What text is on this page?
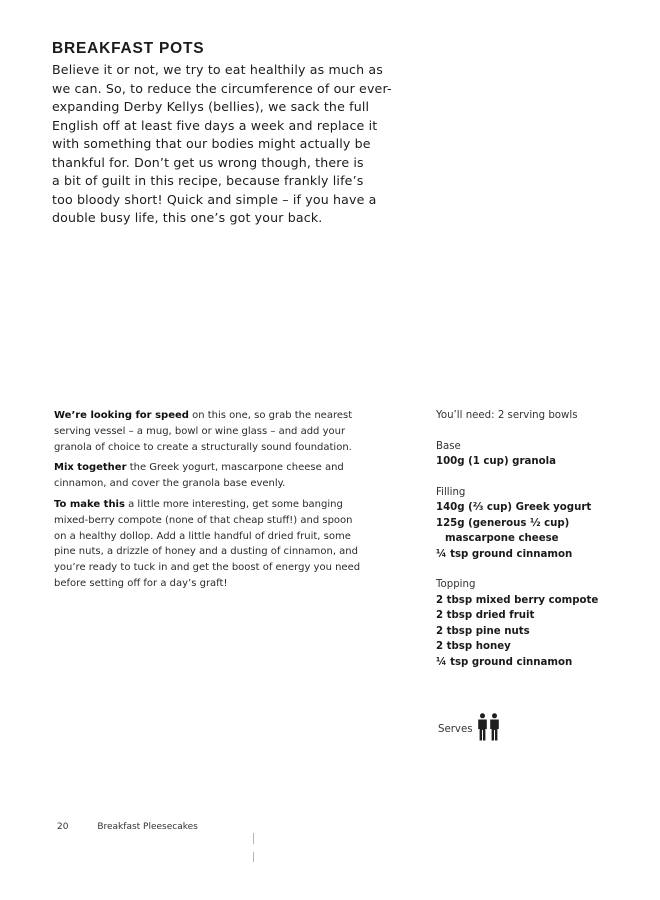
BREAKFAST POTS
Believe it or not, we try to eat healthily as much as
we can. So, to reduce the circumference of our ever-
expanding Derby Kellys (bellies), we sack the full
English off at least five days a week and replace it
with something that our bodies might actually be
thankful for. Don’t get us wrong though, there is
a bit of guilt in this recipe, because frankly life’s
too bloody short! Quick and simple – if you have a
double busy life, this one’s got your back.

We’re looking for speed on this one, so grab the nearest
serving vessel – a mug, bowl or wine glass – and add your
granola of choice to create a structurally sound foundation.

Mix together the Greek yogurt, mascarpone cheese and
cinnamon, and cover the granola base evenly.

To make this a little more interesting, get some banging
mixed-berry compote (none of that cheap stuff!) and spoon
on a healthy dollop. Add a little handful of dried fruit, some
pine nuts, a drizzle of honey and a dusting of cinnamon, and
you’re ready to tuck in and get the boost of energy you need
before setting off for a day’s graft!

You’ll need: 2 serving bowls
Base
100g (1 cup) granola
Filling
140g (⅔ cup) Greek yogurt
125g (generous ½ cup)
mascarpone cheese
¼ tsp ground cinnamon
Topping
2 tbsp mixed berry compote
2 tbsp dried fruit
2 tbsp pine nuts
2 tbsp honey
¼ tsp ground cinnamon
Serves
20	Breakfast Pleesecakes
